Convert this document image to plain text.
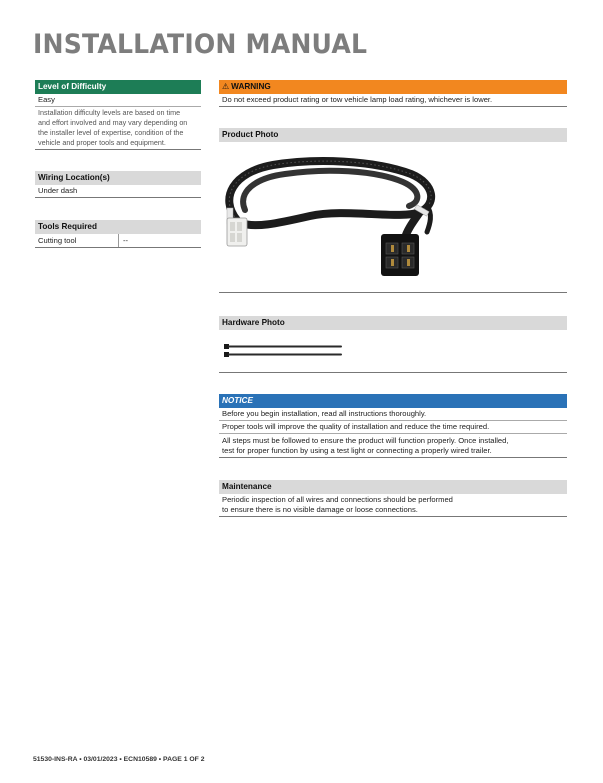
INSTALLATION MANUAL
Level of Difficulty
Easy
Installation difficulty levels are based on time
and effort involved and may vary depending on
the installer level of expertise, condition of the
vehicle and proper tools and equipment.
Wiring Location(s)
Under dash
Tools Required
Cutting tool	--
⚠ WARNING
Do not exceed product rating or tow vehicle lamp load rating, whichever is lower.
Product Photo
Hardware Photo
NOTICE
Before you begin installation, read all instructions thoroughly.
Proper tools will improve the quality of installation and reduce the time required.
All steps must be followed to ensure the product will function properly. Once installed,
test for proper function by using a test light or connecting a properly wired trailer.
Maintenance
Periodic inspection of all wires and connections should be performed
to ensure there is no visible damage or loose connections.
51530-INS-RA • 03/01/2023 • ECN10589 • PAGE 1 OF 2
